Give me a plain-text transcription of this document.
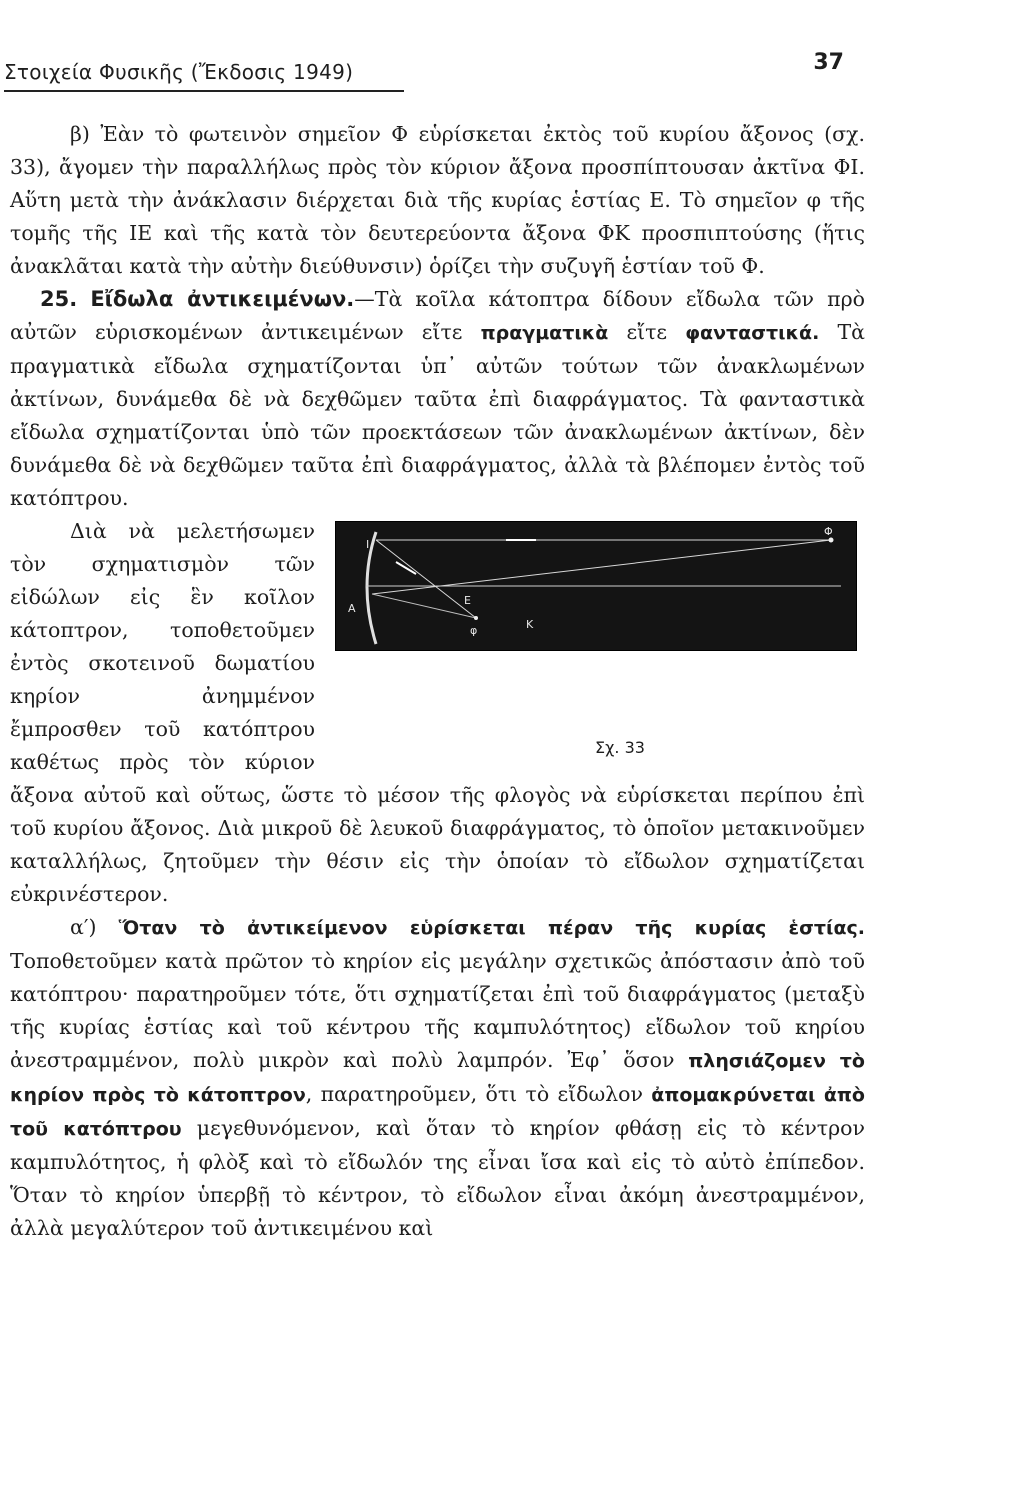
Στοιχεία Φυσικῆς (Ἔκδοσις 1949)	37

β) Ἐὰν τὸ φωτεινὸν σημεῖον Φ εὑρίσκεται ἐκτὸς τοῦ κυρίου ἄξονος (σχ. 33), ἄγομεν τὴν παραλλήλως πρὸς τὸν κύριον ἄξονα προσπίπτουσαν ἀκτῖνα ΦΙ. Αὕτη μετὰ τὴν ἀνάκλασιν διέρχεται διὰ τῆς κυρίας ἑστίας Ε. Τὸ σημεῖον φ τῆς τομῆς τῆς ΙΕ καὶ τῆς κατὰ τὸν δευτερεύοντα ἄξονα ΦΚ προσπιπτούσης (ἥτις ἀνακλᾶται κατὰ τὴν αὐτὴν διεύθυνσιν) ὁρίζει τὴν συζυγῆ ἑστίαν τοῦ Φ.

25. Εἴδωλα ἀντικειμένων.—Τὰ κοῖλα κάτοπτρα δίδουν εἴδωλα τῶν πρὸ αὐτῶν εὑρισκομένων ἀντικειμένων εἴτε πραγματικὰ εἴτε φανταστικά. Τὰ πραγματικὰ εἴδωλα σχηματίζονται ὑπ᾽ αὐτῶν τούτων τῶν ἀνακλωμένων ἀκτίνων, δυνάμεθα δὲ νὰ δεχθῶμεν ταῦτα ἐπὶ διαφράγματος. Τὰ φανταστικὰ εἴδωλα σχηματίζονται ὑπὸ τῶν προεκτάσεων τῶν ἀνακλωμένων ἀκτίνων, δὲν δυνάμεθα δὲ νὰ δεχθῶμεν ταῦτα ἐπὶ διαφράγματος, ἀλλὰ τὰ βλέπομεν ἐντὸς τοῦ κατόπτρου.

Φ
Ι
Α
Ε
Κ
φ
Σχ. 33

Διὰ νὰ μελετήσωμεν τὸν σχηματισμὸν τῶν εἰδώλων εἰς ἓν κοῖλον κάτοπτρον, τοποθετοῦμεν ἐντὸς σκοτεινοῦ δωματίου κηρίον ἀνημμένον ἔμπροσθεν τοῦ κατόπτρου καθέτως πρὸς τὸν κύριον ἄξονα αὐτοῦ καὶ οὕτως, ὥστε τὸ μέσον τῆς φλογὸς νὰ εὑρίσκεται περίπου ἐπὶ τοῦ κυρίου ἄξονος. Διὰ μικροῦ δὲ λευκοῦ διαφράγματος, τὸ ὁποῖον μετακινοῦμεν καταλλήλως, ζητοῦμεν τὴν θέσιν εἰς τὴν ὁποίαν τὸ εἴδωλον σχηματίζεται εὐκρινέστερον.

α′) Ὅταν τὸ ἀντικείμενον εὑρίσκεται πέραν τῆς κυρίας ἑστίας. Τοποθετοῦμεν κατὰ πρῶτον τὸ κηρίον εἰς μεγάλην σχετικῶς ἀπόστασιν ἀπὸ τοῦ κατόπτρου· παρατηροῦμεν τότε, ὅτι σχηματίζεται ἐπὶ τοῦ διαφράγματος (μεταξὺ τῆς κυρίας ἑστίας καὶ τοῦ κέντρου τῆς καμπυλότητος) εἴδωλον τοῦ κηρίου ἀνεστραμμένον, πολὺ μικρὸν καὶ πολὺ λαμπρόν. Ἐφ᾽ ὅσον πλησιάζομεν τὸ κηρίον πρὸς τὸ κάτοπτρον, παρατηροῦμεν, ὅτι τὸ εἴδωλον ἀπομακρύνεται ἀπὸ τοῦ κατόπτρου μεγεθυνόμενον, καὶ ὅταν τὸ κηρίον φθάσῃ εἰς τὸ κέντρον καμπυλότητος, ἡ φλὸξ καὶ τὸ εἴδωλόν της εἶναι ἴσα καὶ εἰς τὸ αὐτὸ ἐπίπεδον. Ὅταν τὸ κηρίον ὑπερβῇ τὸ κέντρον, τὸ εἴδωλον εἶναι ἀκόμη ἀνεστραμμένον, ἀλλὰ μεγαλύτερον τοῦ ἀντικειμένου καὶ
